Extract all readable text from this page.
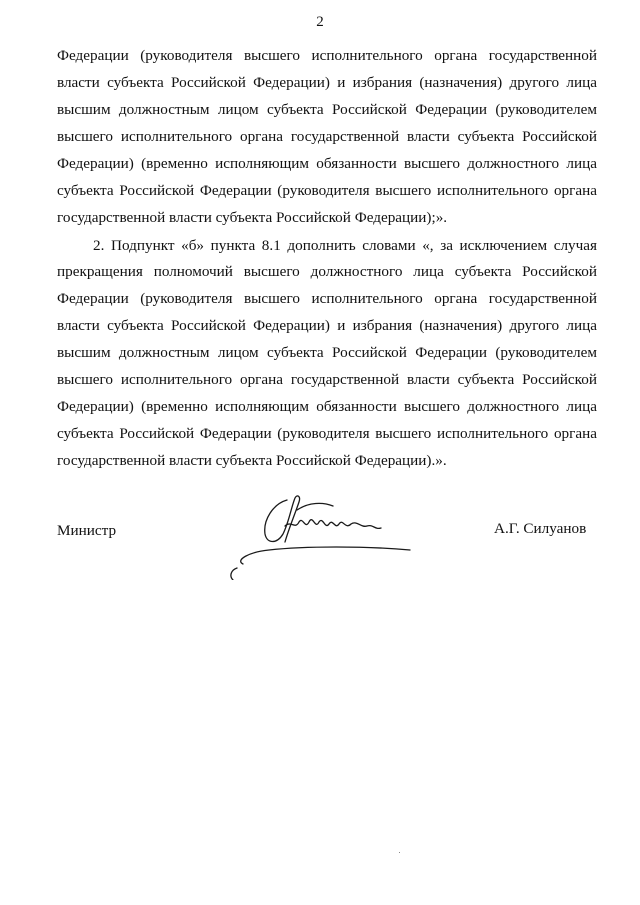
2
Федерации (руководителя высшего исполнительного органа государственной
власти субъекта Российской Федерации) и избрания (назначения) другого лица
высшим должностным лицом субъекта Российской Федерации (руководителем
высшего исполнительного органа государственной власти субъекта Российской
Федерации) (временно исполняющим обязанности высшего должностного лица
субъекта Российской Федерации (руководителя высшего исполнительного органа
государственной власти субъекта Российской Федерации);».
2. Подпункт «б» пункта 8.1 дополнить словами «, за исключением случая
прекращения полномочий высшего должностного лица субъекта Российской
Федерации (руководителя высшего исполнительного органа государственной
власти субъекта Российской Федерации) и избрания (назначения) другого лица
высшим должностным лицом субъекта Российской Федерации (руководителем
высшего исполнительного органа государственной власти субъекта Российской
Федерации) (временно исполняющим обязанности высшего должностного лица
субъекта Российской Федерации (руководителя высшего исполнительного органа
государственной власти субъекта Российской Федерации).».
Министр	А.Г. Силуанов
